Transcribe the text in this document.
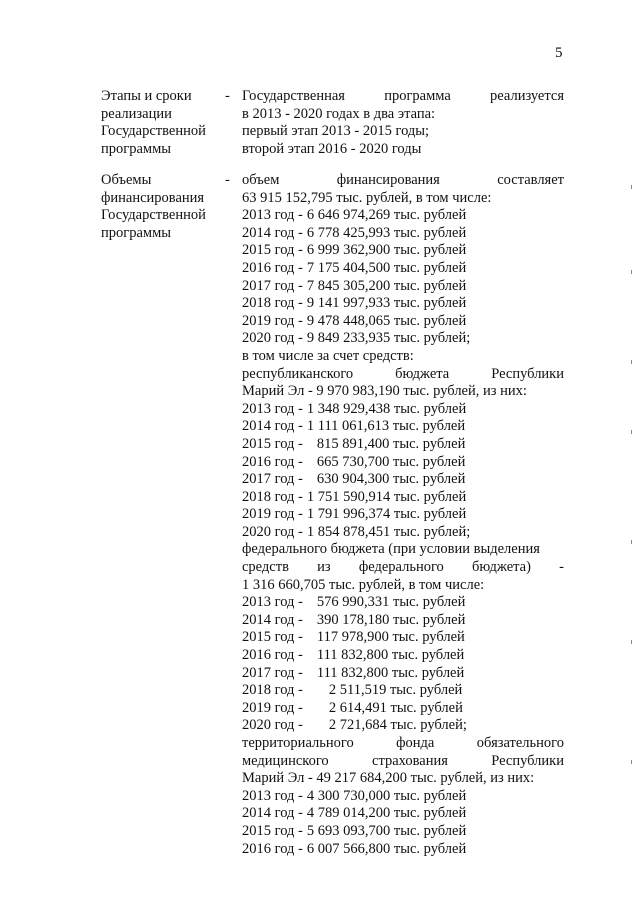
5
Этапы и сроки
реализации
Государственной
программы
- Государственная	программа	реализуется
в 2013 - 2020 годах в два этапа:
первый этап 2013 - 2015 годы;
второй этап 2016 - 2020 годы
Объемы
финансирования
Государственной
программы
- объем	финансирования	составляет
63 915 152,795 тыс. рублей, в том числе:
2013 год - 6 646 974,269 тыс. рублей
2014 год - 6 778 425,993 тыс. рублей
2015 год - 6 999 362,900 тыс. рублей
2016 год - 7 175 404,500 тыс. рублей
2017 год - 7 845 305,200 тыс. рублей
2018 год - 9 141 997,933 тыс. рублей
2019 год - 9 478 448,065 тыс. рублей
2020 год - 9 849 233,935 тыс. рублей;
в том числе за счет средств:
республиканского	бюджета	Республики
Марий Эл - 9 970 983,190 тыс. рублей, из них:
2013 год - 1 348 929,438 тыс. рублей
2014 год - 1 111 061,613 тыс. рублей
2015 год - 815 891,400 тыс. рублей
2016 год - 665 730,700 тыс. рублей
2017 год - 630 904,300 тыс. рублей
2018 год - 1 751 590,914 тыс. рублей
2019 год - 1 791 996,374 тыс. рублей
2020 год - 1 854 878,451 тыс. рублей;
федерального бюджета (при условии выделения
средств из федерального бюджета) -
1 316 660,705 тыс. рублей, в том числе:
2013 год - 576 990,331 тыс. рублей
2014 год - 390 178,180 тыс. рублей
2015 год - 117 978,900 тыс. рублей
2016 год - 111 832,800 тыс. рублей
2017 год - 111 832,800 тыс. рублей
2018 год - 2 511,519 тыс. рублей
2019 год - 2 614,491 тыс. рублей
2020 год - 2 721,684 тыс. рублей;
территориального	фонда	обязательного
медицинского	страхования	Республики
Марий Эл - 49 217 684,200 тыс. рублей, из них:
2013 год - 4 300 730,000 тыс. рублей
2014 год - 4 789 014,200 тыс. рублей
2015 год - 5 693 093,700 тыс. рублей
2016 год - 6 007 566,800 тыс. рублей
